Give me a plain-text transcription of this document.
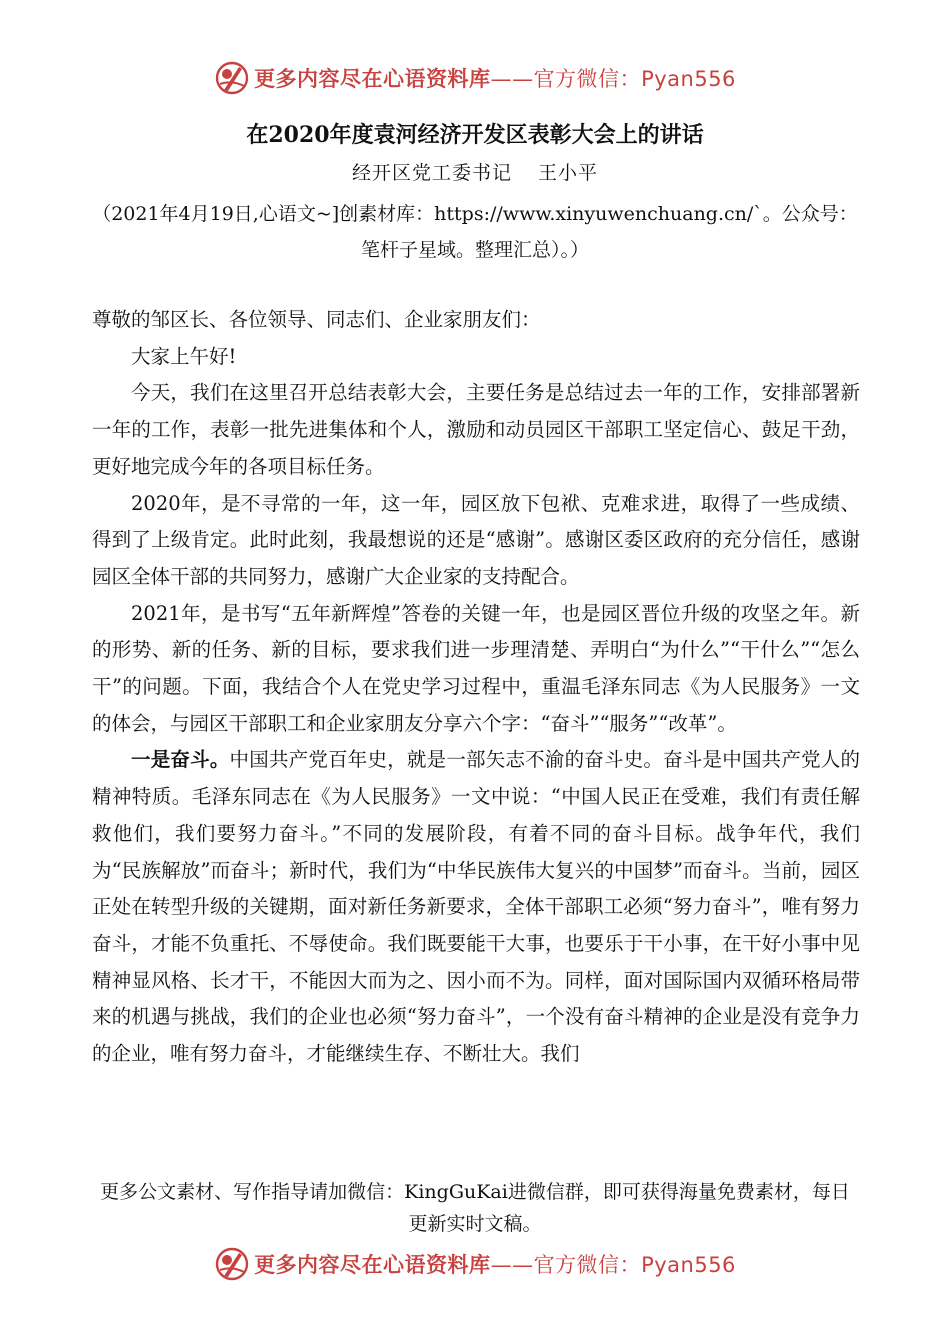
更多内容尽在心语资料库——官方微信：Pyan556
在2020年度袁河经济开发区表彰大会上的讲话
经开区党工委书记 王小平
（2021年4月19日,心语文~]创素材库：https://www.xinyuwenchuang.cn/`。公众号：笔杆子星域。整理汇总）。）

尊敬的邹区长、各位领导、同志们、企业家朋友们：

大家上午好!

今天，我们在这里召开总结表彰大会，主要任务是总结过去一年的工作，安排部署新一年的工作，表彰一批先进集体和个人，激励和动员园区干部职工坚定信心、鼓足干劲，更好地完成今年的各项目标任务。

2020年，是不寻常的一年，这一年，园区放下包袱、克难求进，取得了一些成绩、得到了上级肯定。此时此刻，我最想说的还是“感谢”。感谢区委区政府的充分信任，感谢园区全体干部的共同努力，感谢广大企业家的支持配合。

2021年，是书写“五年新辉煌”答卷的关键一年，也是园区晋位升级的攻坚之年。新的形势、新的任务、新的目标，要求我们进一步理清楚、弄明白“为什么”“干什么”“怎么干”的问题。下面，我结合个人在党史学习过程中，重温毛泽东同志《为人民服务》一文的体会，与园区干部职工和企业家朋友分享六个字：“奋斗”“服务”“改革”。

一是奋斗。中国共产党百年史，就是一部矢志不渝的奋斗史。奋斗是中国共产党人的精神特质。毛泽东同志在《为人民服务》一文中说：“中国人民正在受难，我们有责任解救他们，我们要努力奋斗。”不同的发展阶段，有着不同的奋斗目标。战争年代，我们为“民族解放”而奋斗；新时代，我们为“中华民族伟大复兴的中国梦”而奋斗。当前，园区正处在转型升级的关键期，面对新任务新要求，全体干部职工必须“努力奋斗”，唯有努力奋斗，才能不负重托、不辱使命。我们既要能干大事，也要乐于干小事，在干好小事中见精神显风格、长才干，不能因大而为之、因小而不为。同样，面对国际国内双循环格局带来的机遇与挑战，我们的企业也必须“努力奋斗”，一个没有奋斗精神的企业是没有竞争力的企业，唯有努力奋斗，才能继续生存、不断壮大。我们

更多公文素材、写作指导请加微信：KingGuKai进微信群，即可获得海量免费素材，每日更新实时文稿。
更多内容尽在心语资料库——官方微信：Pyan556
